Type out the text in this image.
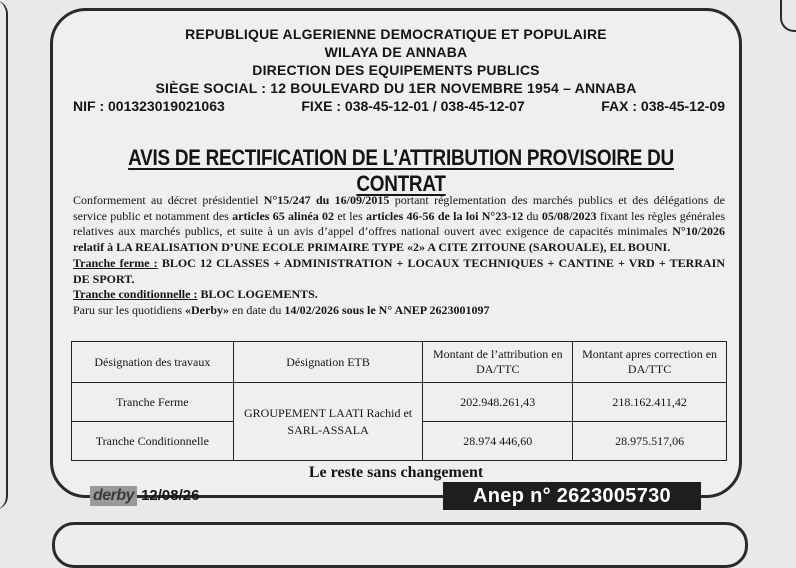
REPUBLIQUE ALGERIENNE DEMOCRATIQUE ET POPULAIRE
WILAYA DE ANNABA
DIRECTION DES EQUIPEMENTS PUBLICS
SIÈGE SOCIAL : 12 BOULEVARD DU 1ER NOVEMBRE 1954 – ANNABA
NIF : 001323019021063	FIXE : 038-45-12-01 / 038-45-12-07	FAX : 038-45-12-09
AVIS DE RECTIFICATION DE L’ATTRIBUTION PROVISOIRE DU CONTRAT

Conformement au décret présidentiel N°15/247 du 16/09/2015 portant réglementation des marchés publics et des délégations de service public et notamment des articles 65 alinéa 02 et les articles 46-56 de la loi N°23-12 du 05/08/2023 fixant les règles générales relatives aux marchés publics, et suite à un avis d’appel d’offres national ouvert avec exigence de capacités minimales N°10/2026 relatif à LA REALISATION D’UNE ECOLE PRIMAIRE TYPE «2» A CITE ZITOUNE (SAROUALE), EL BOUNI.

Tranche ferme : BLOC 12 CLASSES + ADMINISTRATION + LOCAUX TECHNIQUES + CANTINE + VRD + TERRAIN DE SPORT.

Tranche conditionnelle : BLOC LOGEMENTS.

Paru sur les quotidiens «Derby» en date du 14/02/2026 sous le N° ANEP 2623001097

Désignation des travaux	Désignation ETB	Montant de l’attribution en DA/TTC	Montant apres correction en DA/TTC
Tranche Ferme	GROUPEMENT LAATI Rachid et SARL-ASSALA	202.948.261,43	218.162.411,42
Tranche Conditionnelle		28.974 446,60	28.975.517,06
Le reste sans changement
derby 12/08/26	Anep n° 2623005730
